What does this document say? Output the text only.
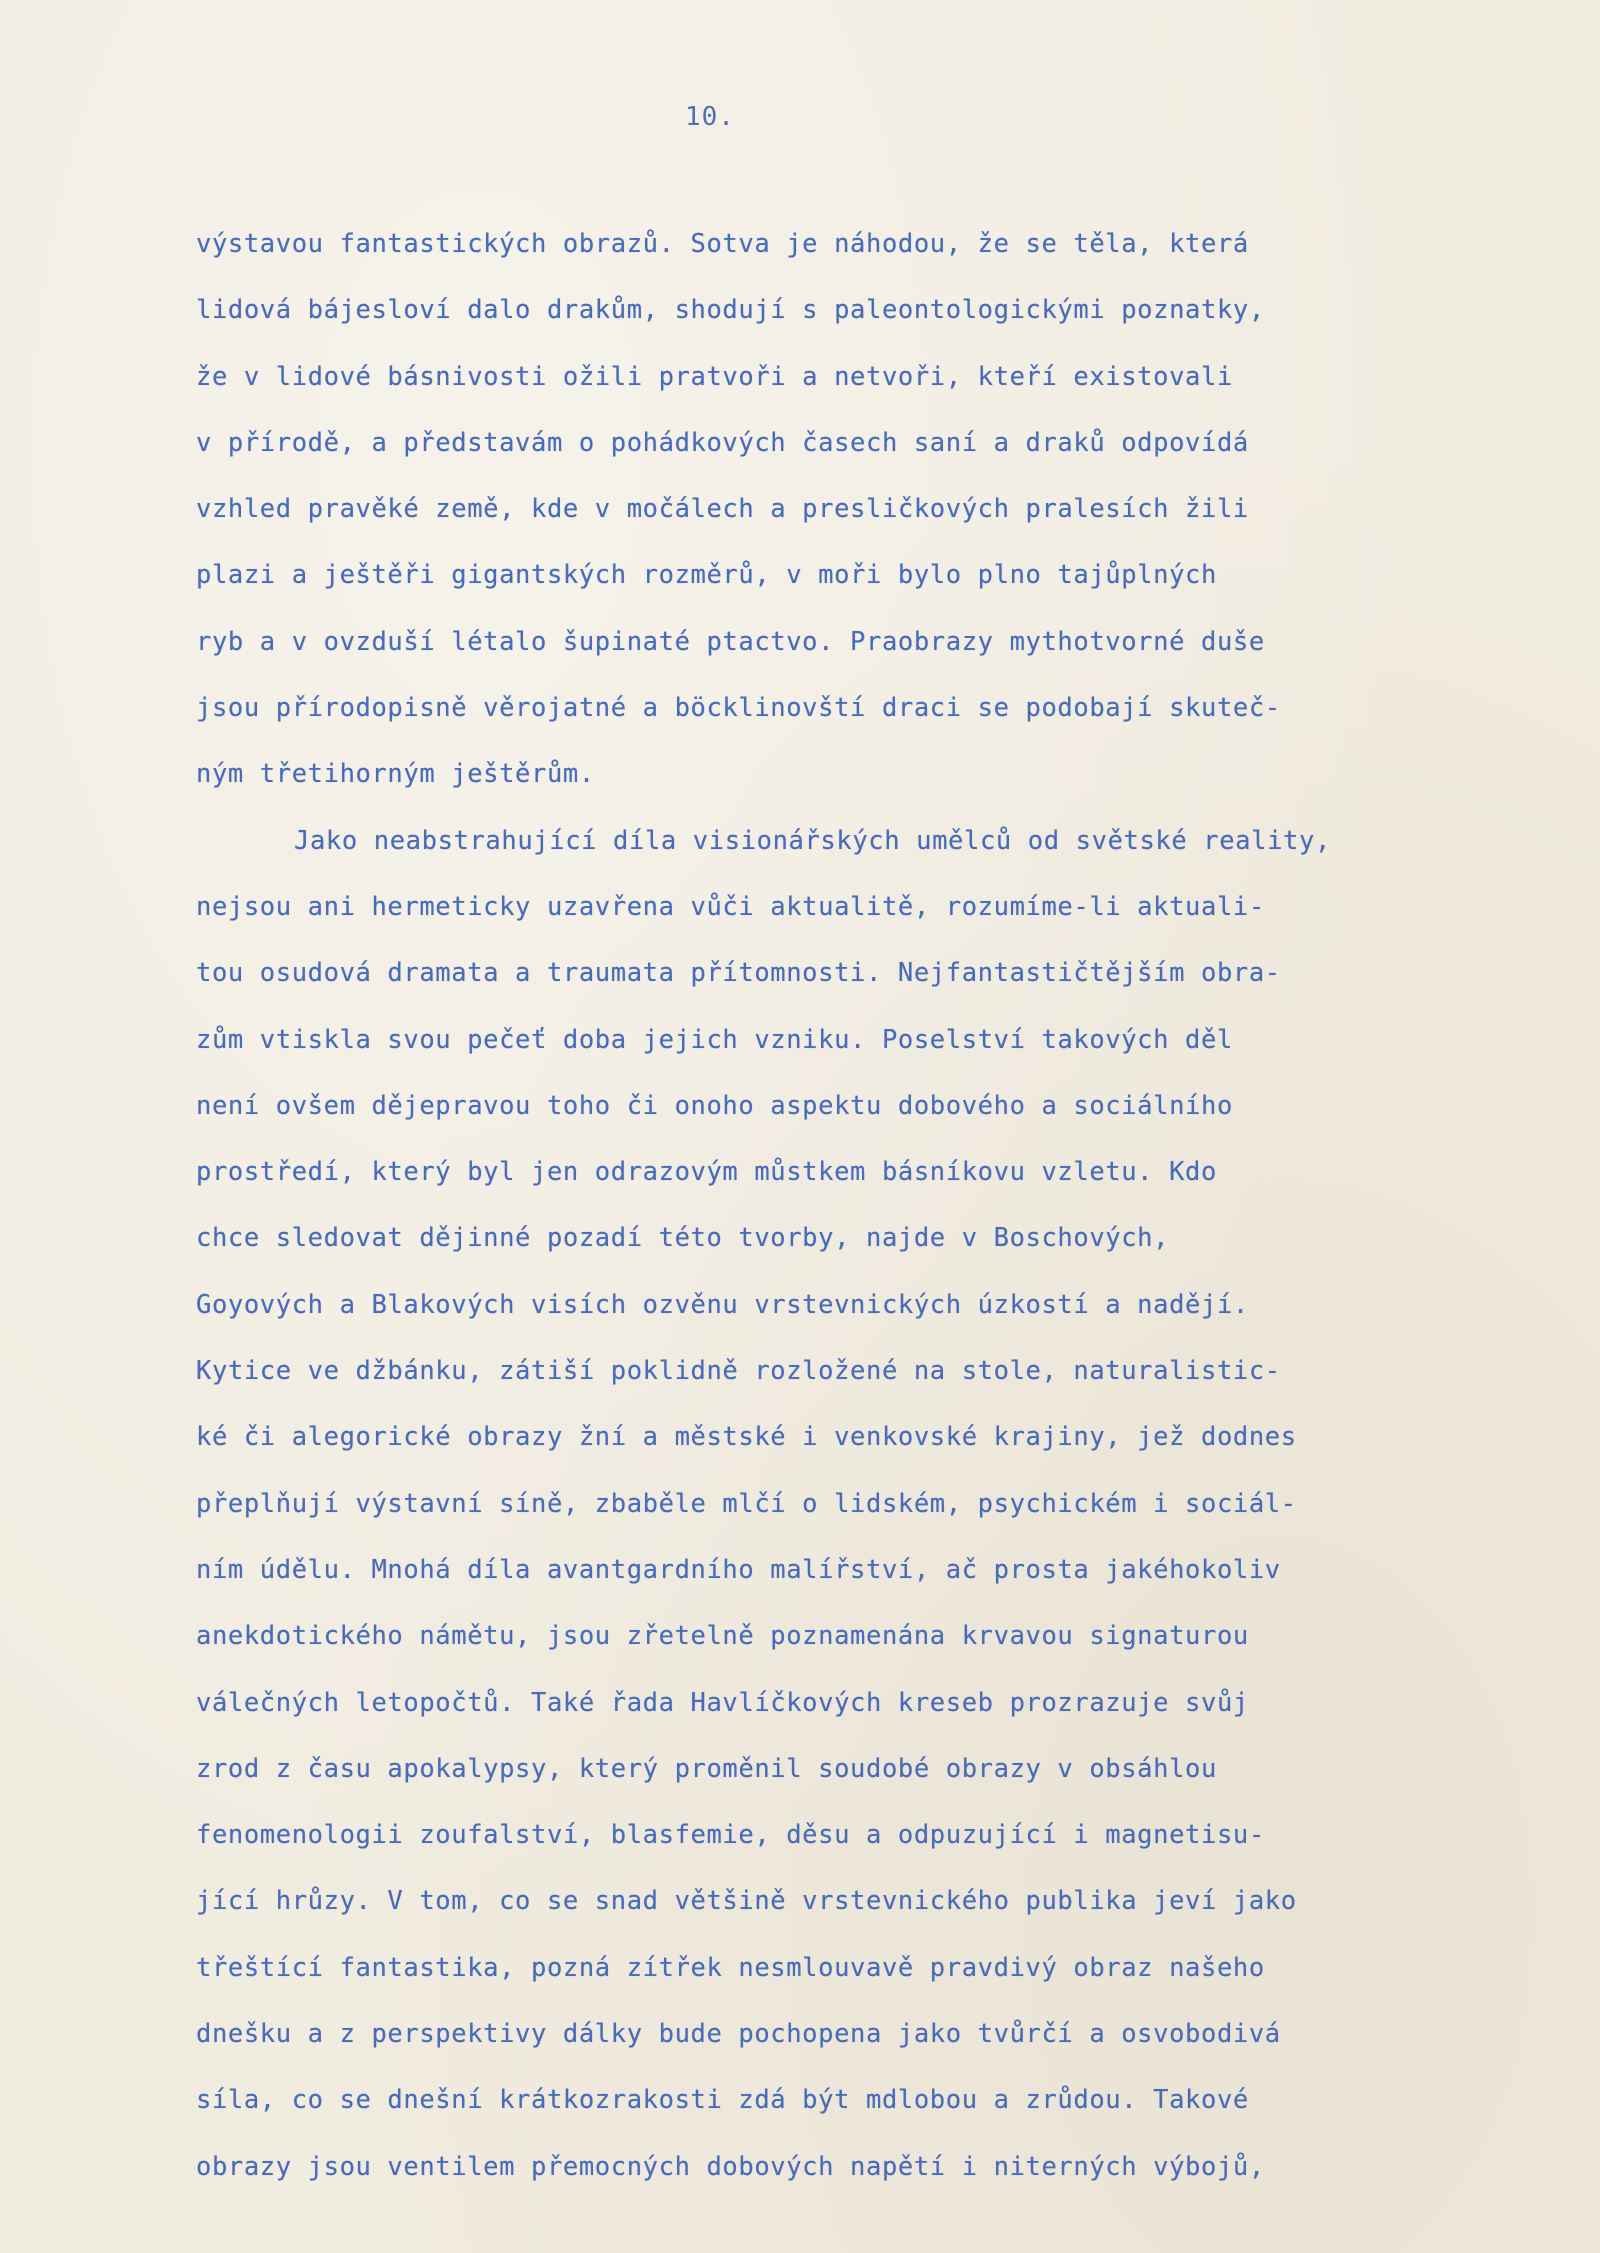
10.
výstavou fantastických obrazů. Sotva je náhodou, že se těla, která
lidová bájesloví dalo drakům, shodují s paleontologickými poznatky,
že v lidové básnivosti ožili pratvoři a netvoři, kteří existovali
v přírodě, a představám o pohádkových časech saní a draků odpovídá
vzhled pravěké země, kde v močálech a presličkových pralesích žili
plazi a ještěři gigantských rozměrů, v moři bylo plno tajůplných
ryb a v ovzduší létalo šupinaté ptactvo. Praobrazy mythotvorné duše
jsou přírodopisně věrojatné a böcklinovští draci se podobají skuteč-
ným třetihorným ještěrům.
Jako neabstrahující díla visionářských umělců od světské reality,
nejsou ani hermeticky uzavřena vůči aktualitě, rozumíme-li aktuali-
tou osudová dramata a traumata přítomnosti. Nejfantastičtějším obra-
zům vtiskla svou pečeť doba jejich vzniku. Poselství takových děl
není ovšem dějepravou toho či onoho aspektu dobového a sociálního
prostředí, který byl jen odrazovým můstkem básníkovu vzletu. Kdo
chce sledovat dějinné pozadí této tvorby, najde v Boschových,
Goyových a Blakových visích ozvěnu vrstevnických úzkostí a nadějí.
Kytice ve džbánku, zátiší poklidně rozložené na stole, naturalistic-
ké či alegorické obrazy žní a městské i venkovské krajiny, jež dodnes
přeplňují výstavní síně, zbaběle mlčí o lidském, psychickém i sociál-
ním údělu. Mnohá díla avantgardního malířství, ač prosta jakéhokoliv
anekdotického námětu, jsou zřetelně poznamenána krvavou signaturou
válečných letopočtů. Také řada Havlíčkových kreseb prozrazuje svůj
zrod z času apokalypsy, který proměnil soudobé obrazy v obsáhlou
fenomenologii zoufalství, blasfemie, děsu a odpuzující i magnetisu-
jící hrůzy. V tom, co se snad většině vrstevnického publika jeví jako
třeštící fantastika, pozná zítřek nesmlouvavě pravdivý obraz našeho
dnešku a z perspektivy dálky bude pochopena jako tvůrčí a osvobodivá
síla, co se dnešní krátkozrakosti zdá být mdlobou a zrůdou. Takové
obrazy jsou ventilem přemocných dobových napětí i niterných výbojů,
